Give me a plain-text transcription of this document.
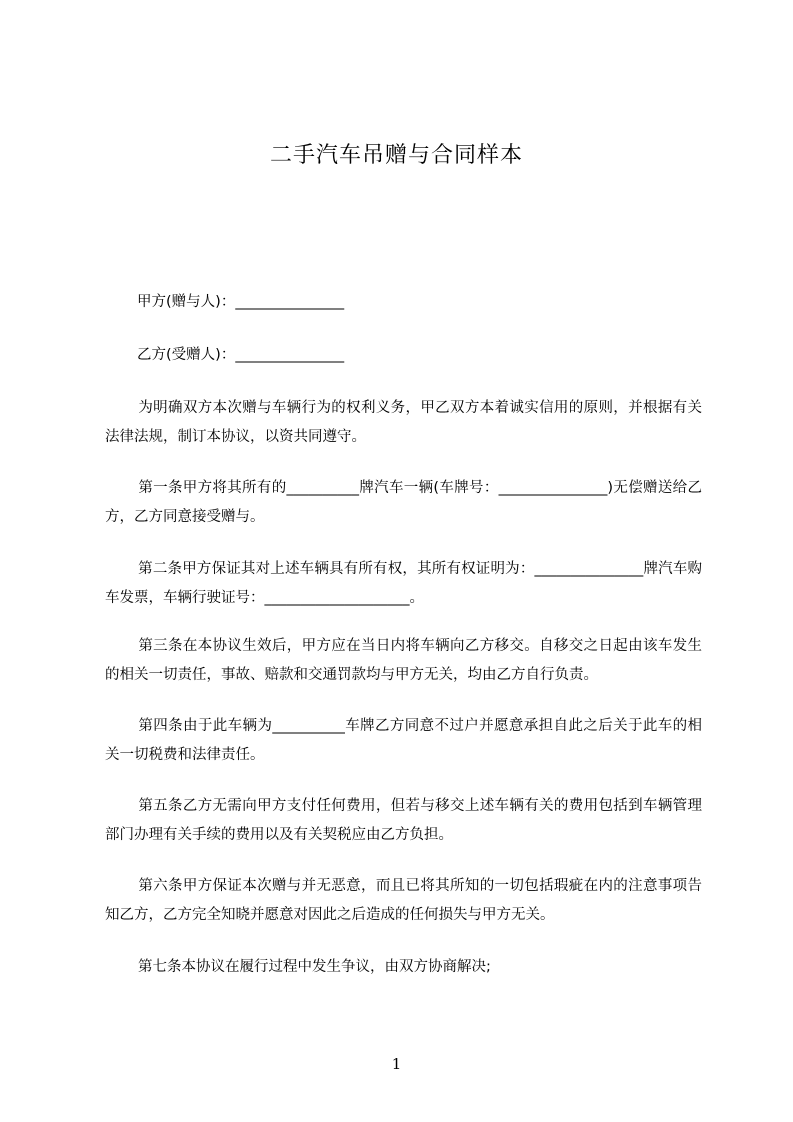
二手汽车吊赠与合同样本
甲方(赠与人)：_______________
乙方(受赠人)：_______________
为明确双方本次赠与车辆行为的权利义务，甲乙双方本着诚实信用的原则，并根据有关法律法规，制订本协议，以资共同遵守。
第一条甲方将其所有的__________牌汽车一辆(车牌号：_______________)无偿赠送给乙方，乙方同意接受赠与。
第二条甲方保证其对上述车辆具有所有权，其所有权证明为：_______________牌汽车购车发票，车辆行驶证号：____________________。
第三条在本协议生效后，甲方应在当日内将车辆向乙方移交。自移交之日起由该车发生的相关一切责任，事故、赔款和交通罚款均与甲方无关，均由乙方自行负责。
第四条由于此车辆为__________车牌乙方同意不过户并愿意承担自此之后关于此车的相关一切税费和法律责任。
第五条乙方无需向甲方支付任何费用，但若与移交上述车辆有关的费用包括到车辆管理部门办理有关手续的费用以及有关契税应由乙方负担。
第六条甲方保证本次赠与并无恶意，而且已将其所知的一切包括瑕疵在内的注意事项告知乙方，乙方完全知晓并愿意对因此之后造成的任何损失与甲方无关。
第七条本协议在履行过程中发生争议，由双方协商解决;
1
